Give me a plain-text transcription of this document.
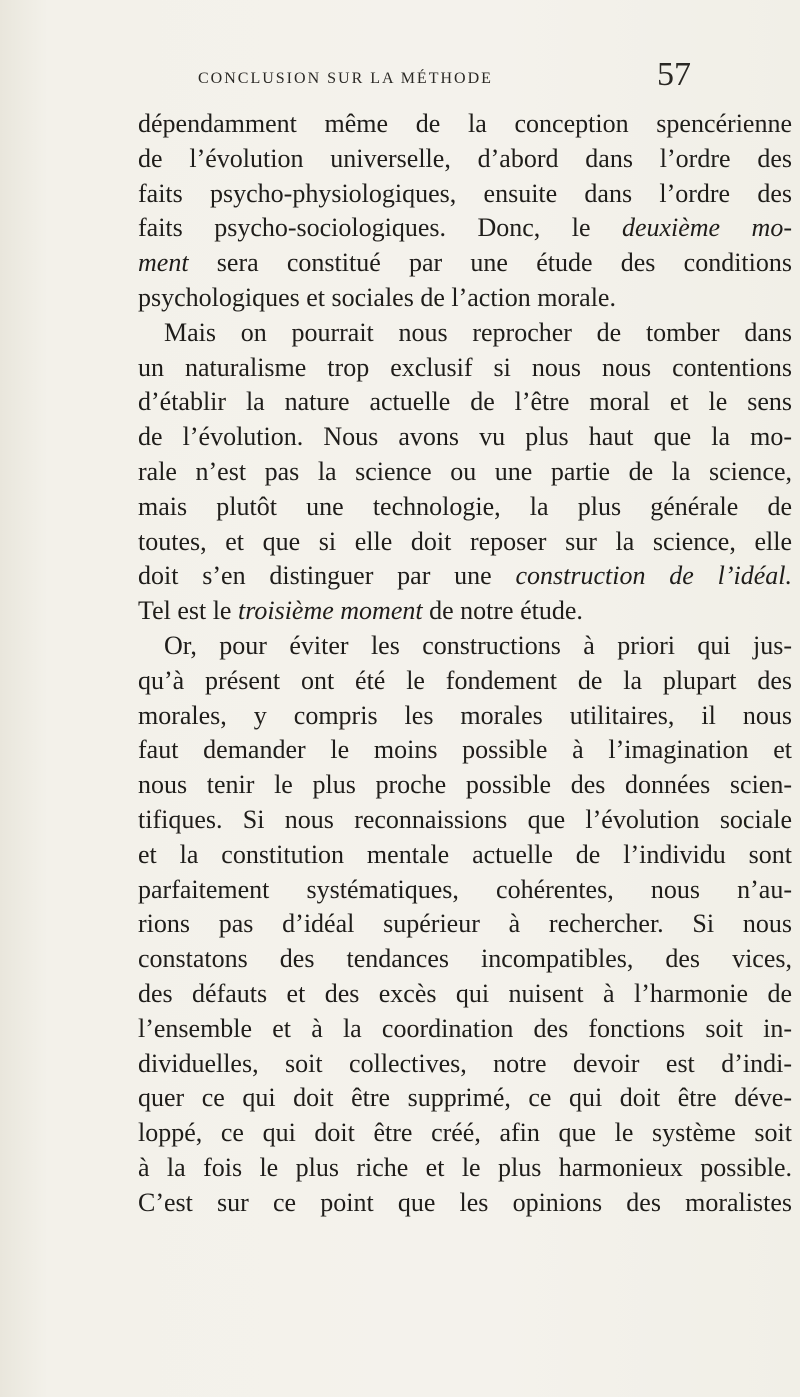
CONCLUSION SUR LA MÉTHODE	57
dépendamment même de la conception spencérienne
de l’évolution universelle, d’abord dans l’ordre des
faits psycho-physiologiques, ensuite dans l’ordre des
faits psycho-sociologiques. Donc, le deuxième mo-
ment sera constitué par une étude des conditions
psychologiques et sociales de l’action morale.
Mais on pourrait nous reprocher de tomber dans
un naturalisme trop exclusif si nous nous contentions
d’établir la nature actuelle de l’être moral et le sens
de l’évolution. Nous avons vu plus haut que la mo-
rale n’est pas la science ou une partie de la science,
mais plutôt une technologie, la plus générale de
toutes, et que si elle doit reposer sur la science, elle
doit s’en distinguer par une construction de l’idéal.
Tel est le troisième moment de notre étude.
Or, pour éviter les constructions à priori qui jus-
qu’à présent ont été le fondement de la plupart des
morales, y compris les morales utilitaires, il nous
faut demander le moins possible à l’imagination et
nous tenir le plus proche possible des données scien-
tifiques. Si nous reconnaissions que l’évolution sociale
et la constitution mentale actuelle de l’individu sont
parfaitement systématiques, cohérentes, nous n’au-
rions pas d’idéal supérieur à rechercher. Si nous
constatons des tendances incompatibles, des vices,
des défauts et des excès qui nuisent à l’harmonie de
l’ensemble et à la coordination des fonctions soit in-
dividuelles, soit collectives, notre devoir est d’indi-
quer ce qui doit être supprimé, ce qui doit être déve-
loppé, ce qui doit être créé, afin que le système soit
à la fois le plus riche et le plus harmonieux possible.
C’est sur ce point que les opinions des moralistes
